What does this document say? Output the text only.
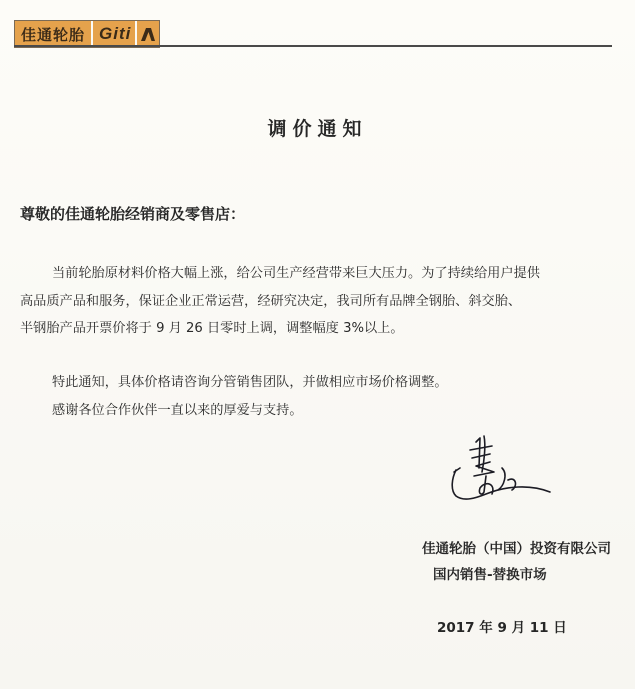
佳通轮胎 Giti
调价通知
尊敬的佳通轮胎经销商及零售店：
当前轮胎原材料价格大幅上涨，给公司生产经营带来巨大压力。为了持续给用户提供
高品质产品和服务，保证企业正常运营，经研究决定，我司所有品牌全钢胎、斜交胎、
半钢胎产品开票价将于 9 月 26 日零时上调，调整幅度 3%以上。
特此通知，具体价格请咨询分管销售团队，并做相应市场价格调整。
感谢各位合作伙伴一直以来的厚爱与支持。
佳通轮胎（中国）投资有限公司
国内销售-替换市场
2017 年 9 月 11 日
